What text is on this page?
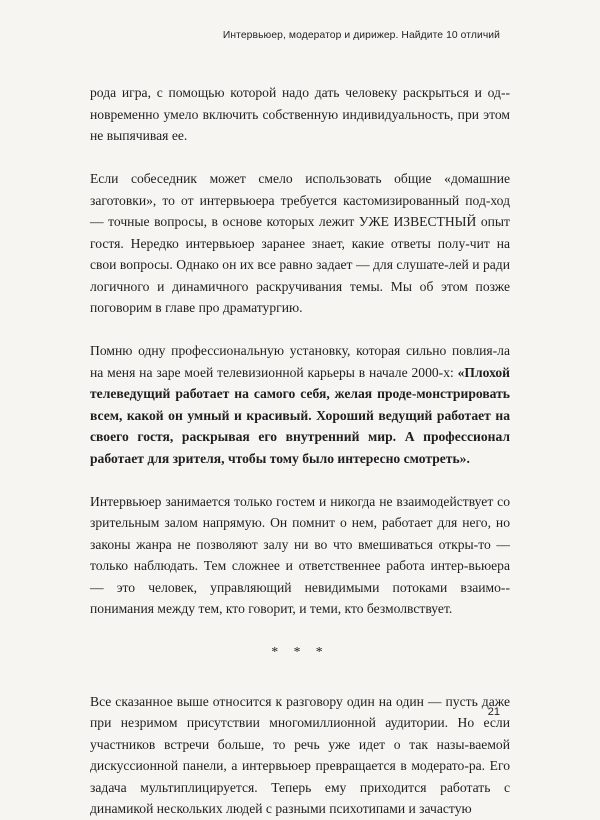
Интервьюер, модератор и дирижер. Найдите 10 отличий

рода игра, с помощью которой надо дать человеку раскрыться и од-новременно умело включить собственную индивидуальность, при этом не выпячивая ее.

Если собеседник может смело использовать общие «домашние заготовки», то от интервьюера требуется кастомизированный под-ход — точные вопросы, в основе которых лежит УЖЕ ИЗВЕСТНЫЙ опыт гостя. Нередко интервьюер заранее знает, какие ответы полу-чит на свои вопросы. Однако он их все равно задает — для слушате-лей и ради логичного и динамичного раскручивания темы. Мы об этом позже поговорим в главе про драматургию.

Помню одну профессиональную установку, которая сильно повлия-ла на меня на заре моей телевизионной карьеры в начале 2000-х: «Плохой телеведущий работает на самого себя, желая проде-монстрировать всем, какой он умный и красивый. Хороший ведущий работает на своего гостя, раскрывая его внутренний мир. А профессионал работает для зрителя, чтобы тому было интересно смотреть».

Интервьюер занимается только гостем и никогда не взаимодействует со зрительным залом напрямую. Он помнит о нем, работает для него, но законы жанра не позволяют залу ни во что вмешиваться откры-то — только наблюдать. Тем сложнее и ответственнее работа интер-вьюера — это человек, управляющий невидимыми потоками взаимо-понимания между тем, кто говорит, и теми, кто безмолвствует.

* * *

Все сказанное выше относится к разговору один на один — пусть даже при незримом присутствии многомиллионной аудитории. Но если участников встречи больше, то речь уже идет о так назы-ваемой дискуссионной панели, а интервьюер превращается в модерато-ра. Его задача мультиплицируется. Теперь ему приходится работать с динамикой нескольких людей с разными психотипами и зачастую

21
